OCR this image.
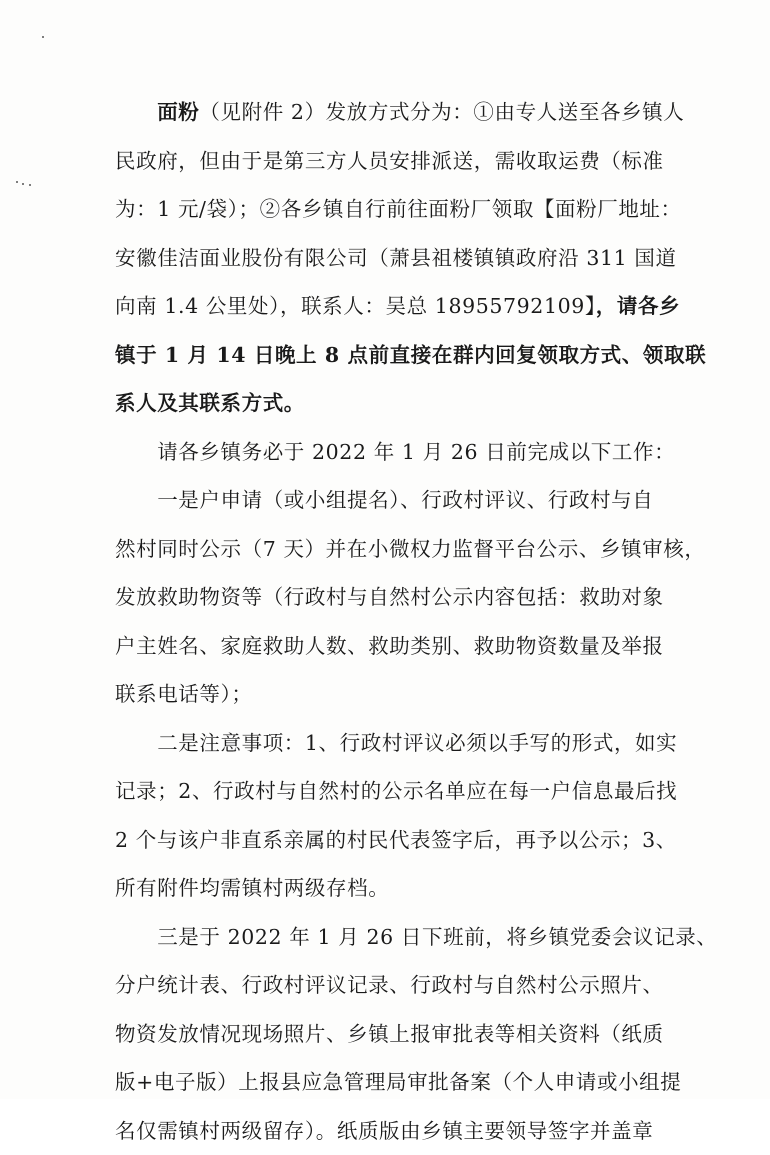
　　面粉（见附件 2）发放方式分为：①由专人送至各乡镇人
民政府，但由于是第三方人员安排派送，需收取运费（标准
为：1 元/袋）；②各乡镇自行前往面粉厂领取【面粉厂地址：
安徽佳洁面业股份有限公司（萧县祖楼镇镇政府沿 311 国道
向南 1.4 公里处），联系人：吴总 18955792109】，请各乡
镇于 1 月 14 日晚上 8 点前直接在群内回复领取方式、领取联
系人及其联系方式。
　　请各乡镇务必于 2022 年 1 月 26 日前完成以下工作：
　　一是户申请（或小组提名）、行政村评议、行政村与自
然村同时公示（7 天）并在小微权力监督平台公示、乡镇审核，
发放救助物资等（行政村与自然村公示内容包括：救助对象
户主姓名、家庭救助人数、救助类别、救助物资数量及举报
联系电话等）；
　　二是注意事项：1、行政村评议必须以手写的形式，如实
记录；2、行政村与自然村的公示名单应在每一户信息最后找
2 个与该户非直系亲属的村民代表签字后，再予以公示；3、
所有附件均需镇村两级存档。
　　三是于 2022 年 1 月 26 日下班前，将乡镇党委会议记录、
分户统计表、行政村评议记录、行政村与自然村公示照片、
物资发放情况现场照片、乡镇上报审批表等相关资料（纸质
版+电子版）上报县应急管理局审批备案（个人申请或小组提
名仅需镇村两级留存）。纸质版由乡镇主要领导签字并盖章
